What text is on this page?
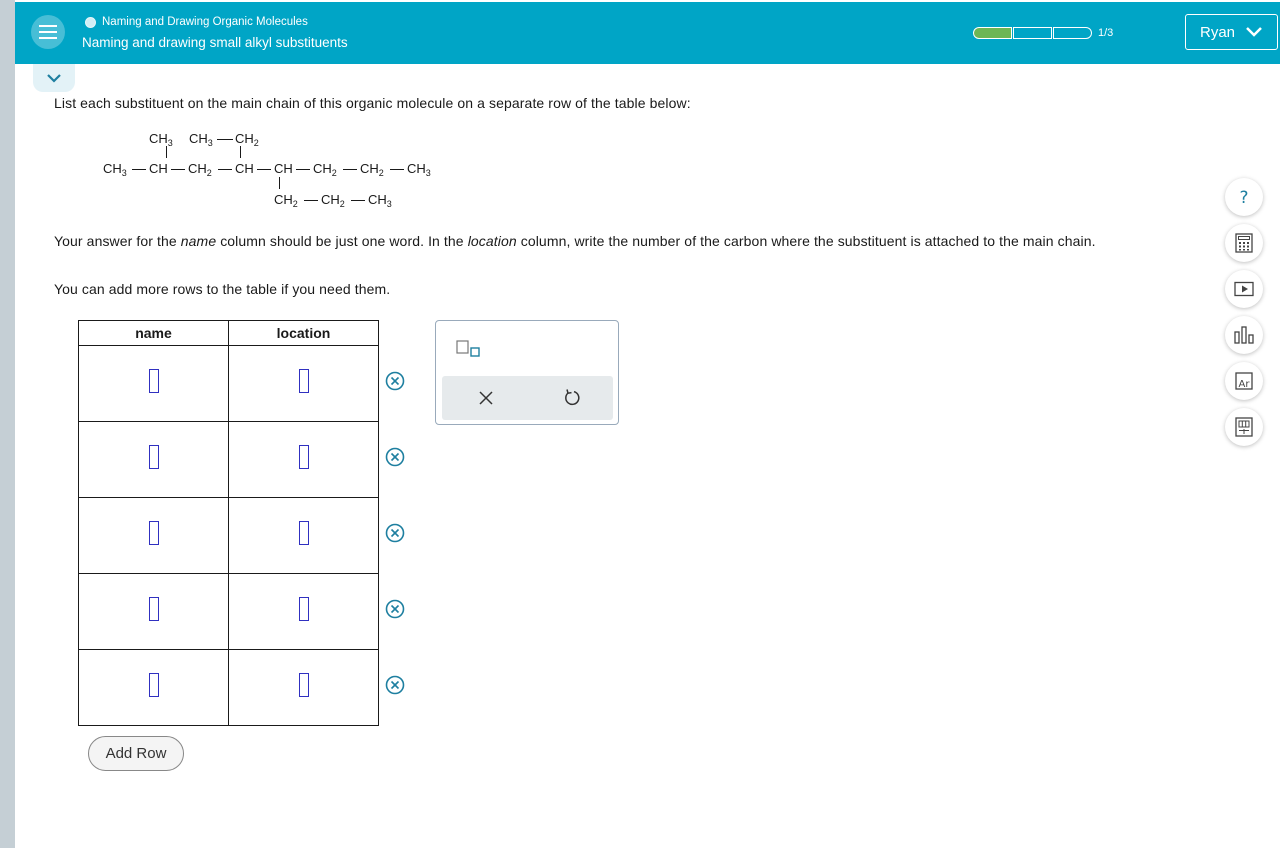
Naming and Drawing Organic Molecules
Naming and drawing small alkyl substituents
1/3	Ryan
List each substituent on the main chain of this organic molecule on a separate row of the table below:
$CH_3$ $CH_3$ $CH_2$
$CH_3$ CH $CH_2$ CH CH $CH_2$ $CH_2$ $CH_3$
$CH_2$ $CH_2$ $CH_3$
Your answer for the name column should be just one word. In the location column, write the number of the carbon where the substituent is attached to the main chain.
You can add more rows to the table if you need them.
name	location

Add Row
?
Ar
